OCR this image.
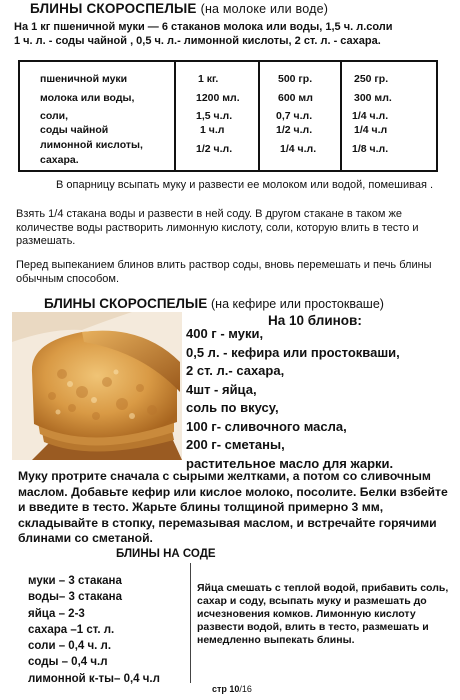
БЛИНЫ СКОРОСПЕЛЫЕ (на молоке или воде)
На 1 кг пшеничной муки — 6 стаканов молока или воды, 1,5 ч. л.соли
1 ч. л. - соды чайной , 0,5 ч. л.- лимонной кислоты, 2 ст. л. - сахара.
пшеничной муки
молока или воды,
соли,
соды чайной
лимонной кислоты,
сахара.
1 кг.
1200 мл.
1,5 ч.л.
1 ч.л
1/2 ч.л.
500 гр.
600 мл
0,7 ч.л.
1/2 ч.л.
1/4 ч.л.
250 гр.
300 мл.
1/4 ч.л.
1/4 ч.л
1/8 ч.л.
В опарницу всыпать муку и развести ее молоком или водой, помешивая .
Взять 1/4 стакана воды и развести в ней соду. В другом стакане в таком же количестве воды растворить лимонную кислоту, соли, которую влить в тесто и размешать.
Перед выпеканием блинов влить раствор соды, вновь перемешать и печь блины обычным способом.
БЛИНЫ СКОРОСПЕЛЫЕ (на кефире или простокваше)
На 10 блинов:
400 г - муки,
0,5 л. - кефира или простокваши,
2 ст. л.- сахара,
4шт - яйца,
соль по вкусу,
100 г- сливочного масла,
200 г- сметаны,
растительное масло для жарки.
Муку протрите сначала с сырыми желтками, а потом со сливочным маслом. Добавьте кефир или кислое молоко, посолите. Белки взбейте и введите в тесто. Жарьте блины толщиной примерно 3 мм, складывайте в стопку, перемазывая маслом, и встречайте горячими блинами со сметаной.
БЛИНЫ НА СОДЕ
муки – 3 стакана
воды– 3 стакана
яйца – 2-3
сахара –1 ст. л.
соли – 0,4 ч. л.
соды – 0,4 ч.л
лимонной к-ты– 0,4 ч.л
Яйца смешать с теплой водой, прибавить соль, сахар и соду, всыпать муку и размешать до исчезновения комков. Лимонную кислоту развести водой, влить в тесто, размешать и немедленно выпекать блины.
стр 10/16
